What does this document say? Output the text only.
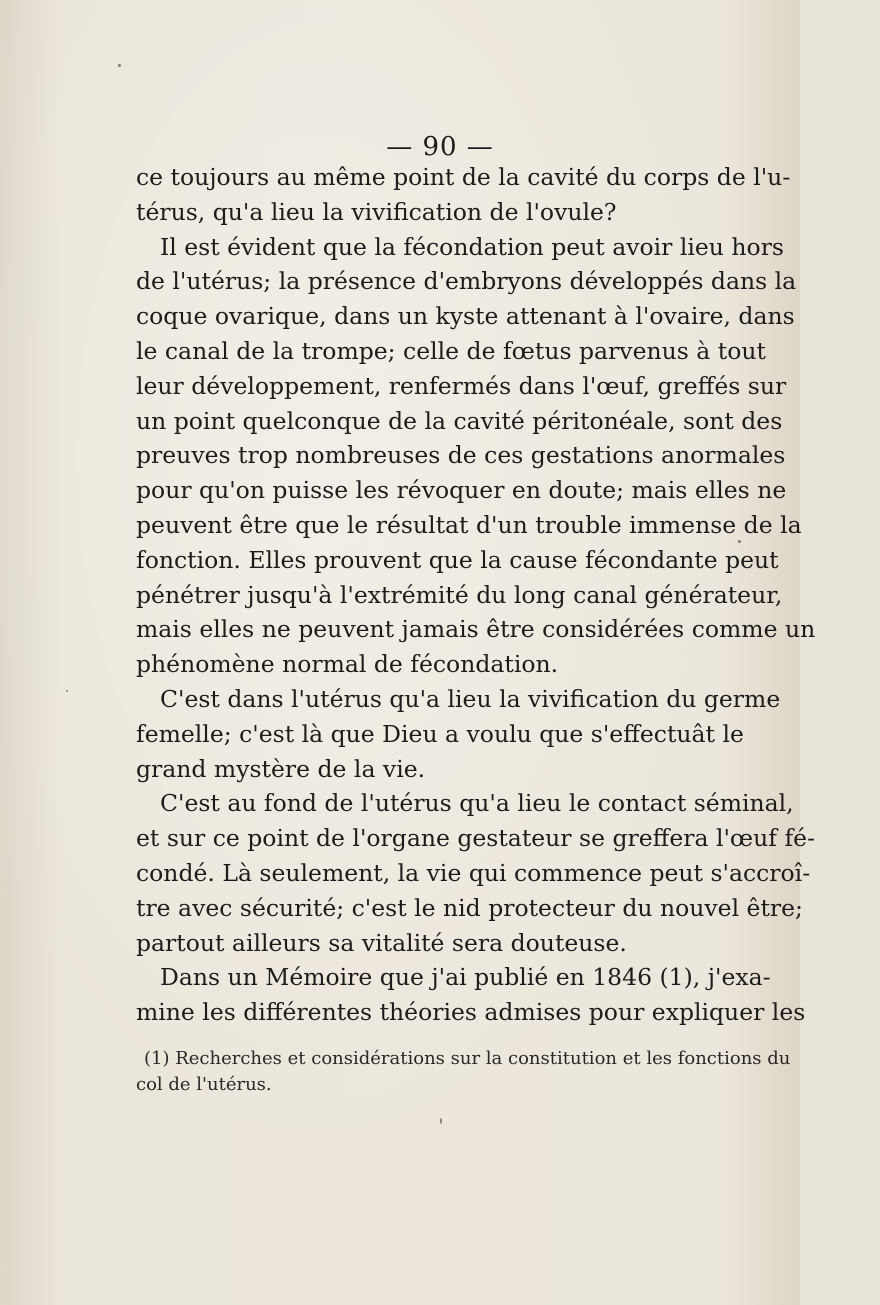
— 90 —
ce toujours au même point de la cavité du corps de l'u-
térus, qu'a lieu la vivification de l'ovule?
Il est évident que la fécondation peut avoir lieu hors
de l'utérus; la présence d'embryons développés dans la
coque ovarique, dans un kyste attenant à l'ovaire, dans
le canal de la trompe; celle de fœtus parvenus à tout
leur développement, renfermés dans l'œuf, greffés sur
un point quelconque de la cavité péritonéale, sont des
preuves trop nombreuses de ces gestations anormales
pour qu'on puisse les révoquer en doute; mais elles ne
peuvent être que le résultat d'un trouble immense de la
fonction. Elles prouvent que la cause fécondante peut
pénétrer jusqu'à l'extrémité du long canal générateur,
mais elles ne peuvent jamais être considérées comme un
phénomène normal de fécondation.
C'est dans l'utérus qu'a lieu la vivification du germe
femelle; c'est là que Dieu a voulu que s'effectuât le
grand mystère de la vie.
C'est au fond de l'utérus qu'a lieu le contact séminal,
et sur ce point de l'organe gestateur se greffera l'œuf fé-
condé. Là seulement, la vie qui commence peut s'accroî-
tre avec sécurité; c'est le nid protecteur du nouvel être;
partout ailleurs sa vitalité sera douteuse.
Dans un Mémoire que j'ai publié en 1846 (1), j'exa-
mine les différentes théories admises pour expliquer les
(1) Recherches et considérations sur la constitution et les fonctions du
col de l'utérus.
